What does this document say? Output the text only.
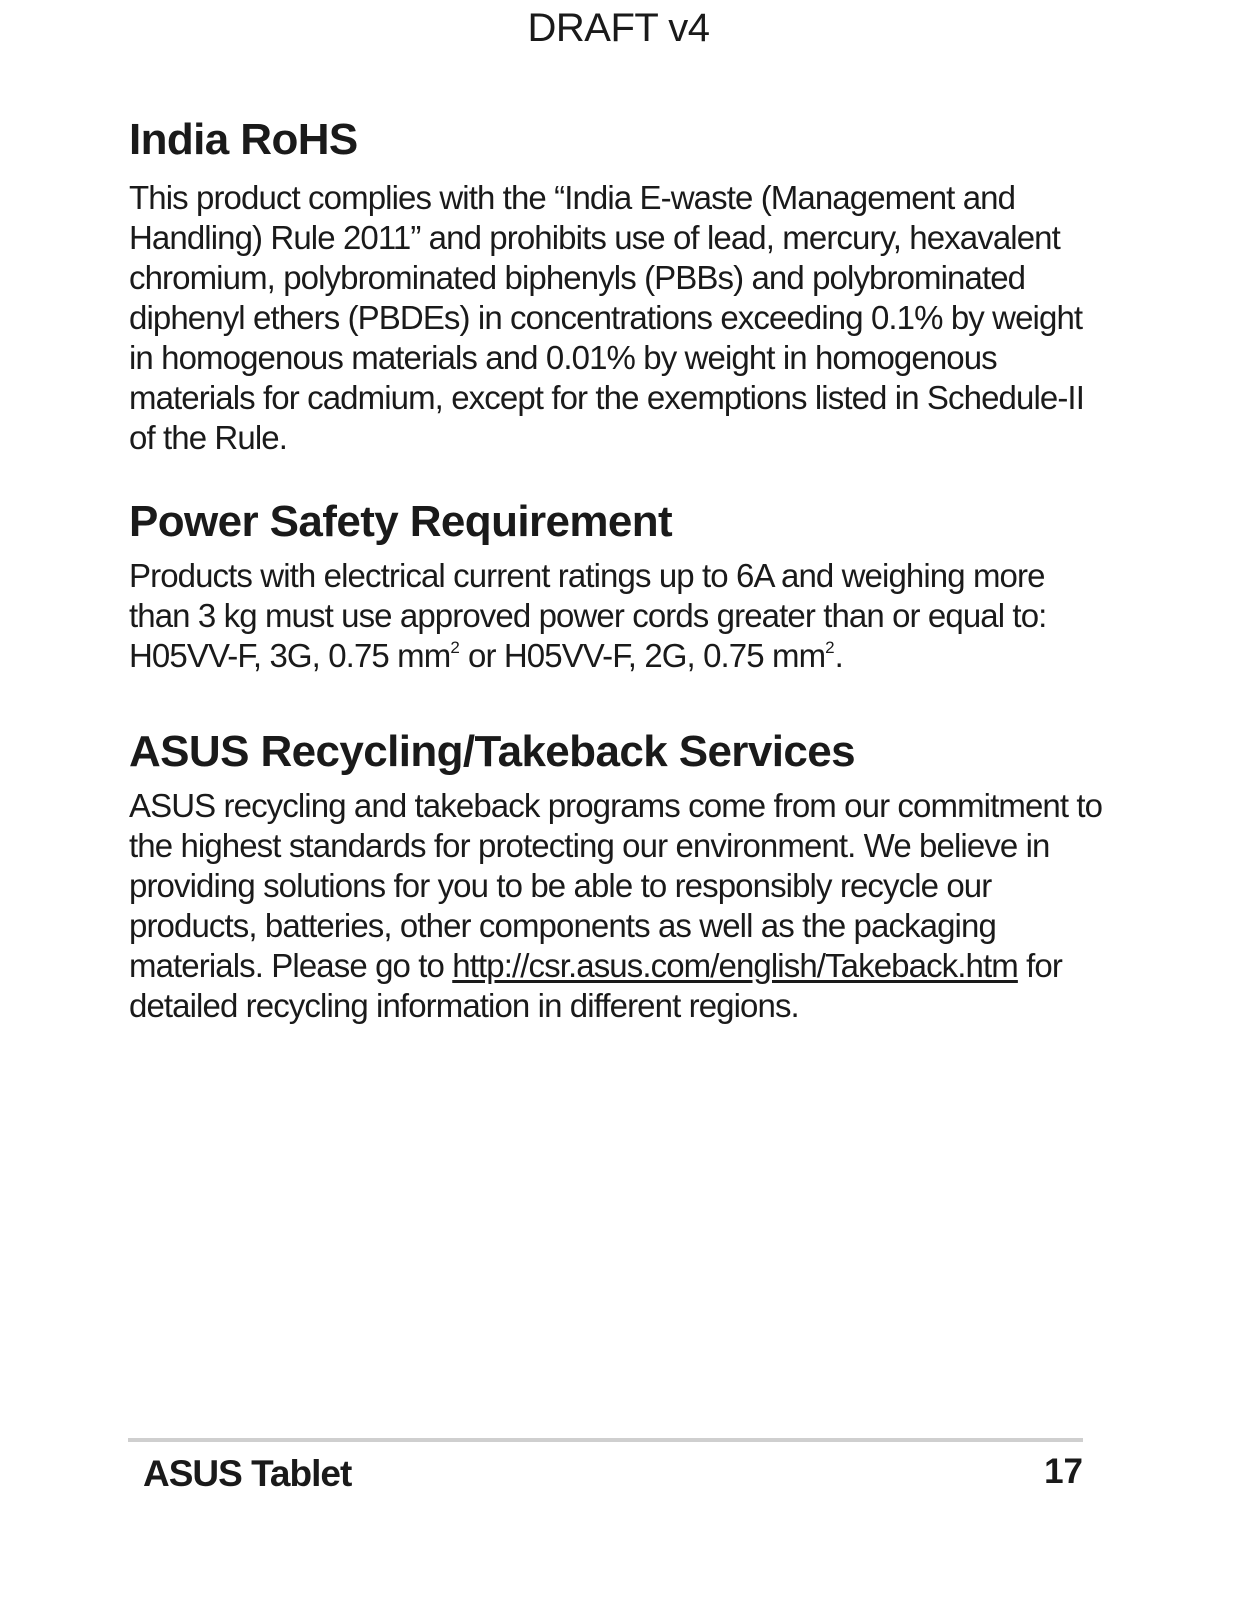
DRAFT v4
India RoHS

This product complies with the “India E-waste (Management and Handling) Rule 2011” and prohibits use of lead, mercury, hexavalent chromium, polybrominated biphenyls (PBBs) and polybrominated diphenyl ethers (PBDEs) in concentrations exceeding 0.1% by weight in homogenous materials and 0.01% by weight in homogenous materials for cadmium, except for the exemptions listed in Schedule-II of the Rule.

Power Safety Requirement

Products with electrical current ratings up to 6A and weighing more than 3 kg must use approved power cords greater than or equal to: H05VV-F, 3G, 0.75 $mm^2$ or H05VV-F, 2G, 0.75 $mm^2$.

ASUS Recycling/Takeback Services

ASUS recycling and takeback programs come from our commitment to the highest standards for protecting our environment. We believe in providing solutions for you to be able to responsibly recycle our products, batteries, other components as well as the packaging materials. Please go to http://csr.asus.com/english/Takeback.htm for detailed recycling information in different regions.

ASUS Tablet	17
